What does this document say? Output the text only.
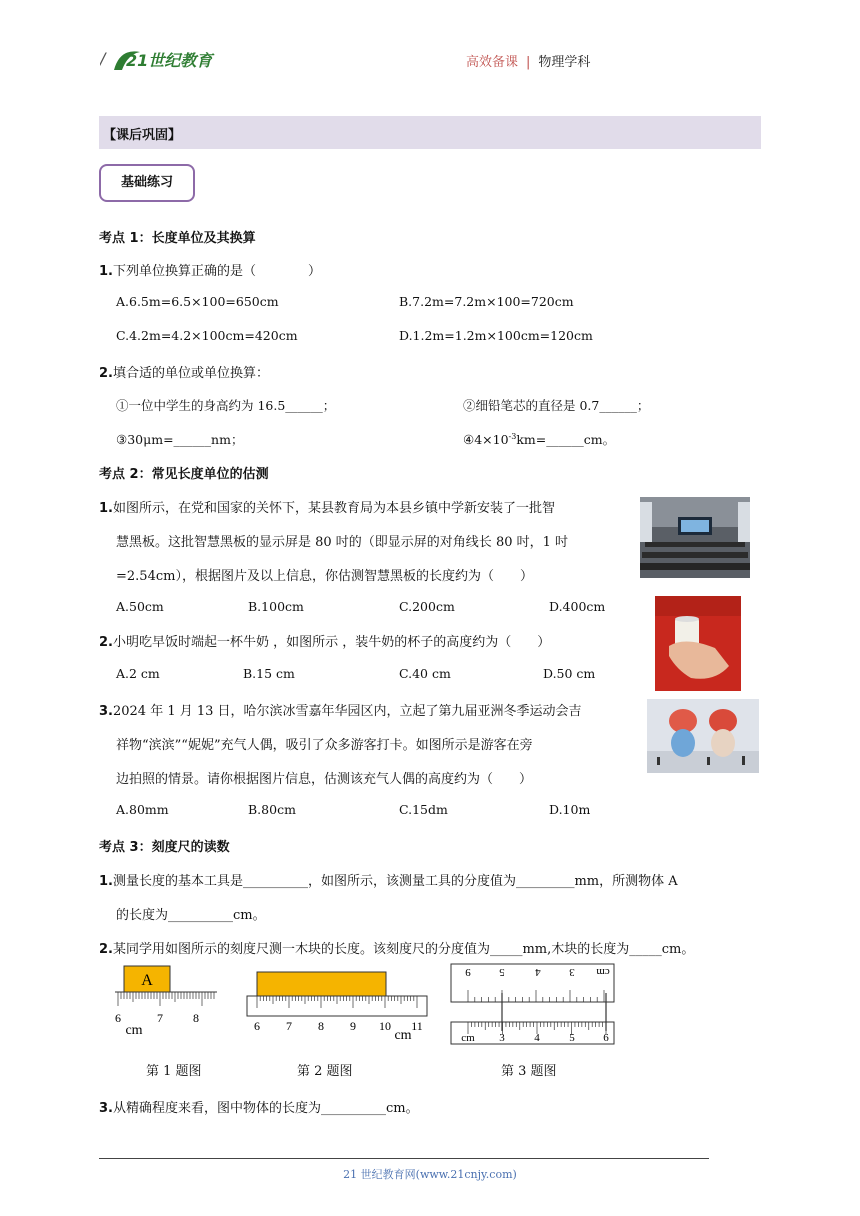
/ 21世纪教育	高效备课 | 物理学科
【课后巩固】
基础练习
考点 1：长度单位及其换算
1.下列单位换算正确的是（　　　　）
A.6.5m=6.5×100=650cm	B.7.2m=7.2m×100=720cm
C.4.2m=4.2×100cm=420cm	D.1.2m=1.2m×100cm=120cm
2.填合适的单位或单位换算：
①一位中学生的身高约为 16.5______；	②细铅笔芯的直径是 0.7______；
③30μm=______nm；	$④4\times 10^{-3}km=\_\_\_\_\_\_cm$。
考点 2：常见长度单位的估测
1.如图所示，在党和国家的关怀下，某县教育局为本县乡镇中学新安装了一批智
慧黑板。这批智慧黑板的显示屏是 80 吋的（即显示屏的对角线长 80 吋，1 吋
=2.54cm），根据图片及以上信息，你估测智慧黑板的长度约为（　　）
A.50cm	B.100cm	C.200cm	D.400cm
2.小明吃早饭时端起一杯牛奶 ，如图所示 ，装牛奶的杯子的高度约为（　　）
A.2 cm	B.15 cm	C.40 cm	D.50 cm
3.2024 年 1 月 13 日，哈尔滨冰雪嘉年华园区内，立起了第九届亚洲冬季运动会吉
祥物“滨滨”“妮妮”充气人偶，吸引了众多游客打卡。如图所示是游客在旁
边拍照的情景。请你根据图片信息，估测该充气人偶的高度约为（　　）
A.80mm	B.80cm	C.15dm	D.10m
考点 3：刻度尺的读数
1.测量长度的基本工具是__________，如图所示，该测量工具的分度值为_________mm，所测物体 A
的长度为__________cm。
2.某同学用如图所示的刻度尺测一木块的长度。该刻度尺的分度值为_____mm,木块的长度为_____cm。
A
6	7	8
cm
第 1 题图
6 7 8 9 10 11
cm
第 2 题图
9	5	4	3 cm
cm 3	4	5	6
第 3 题图
3.从精确程度来看，图中物体的长度为__________cm。
21 世纪教育网(www.21cnjy.com)
